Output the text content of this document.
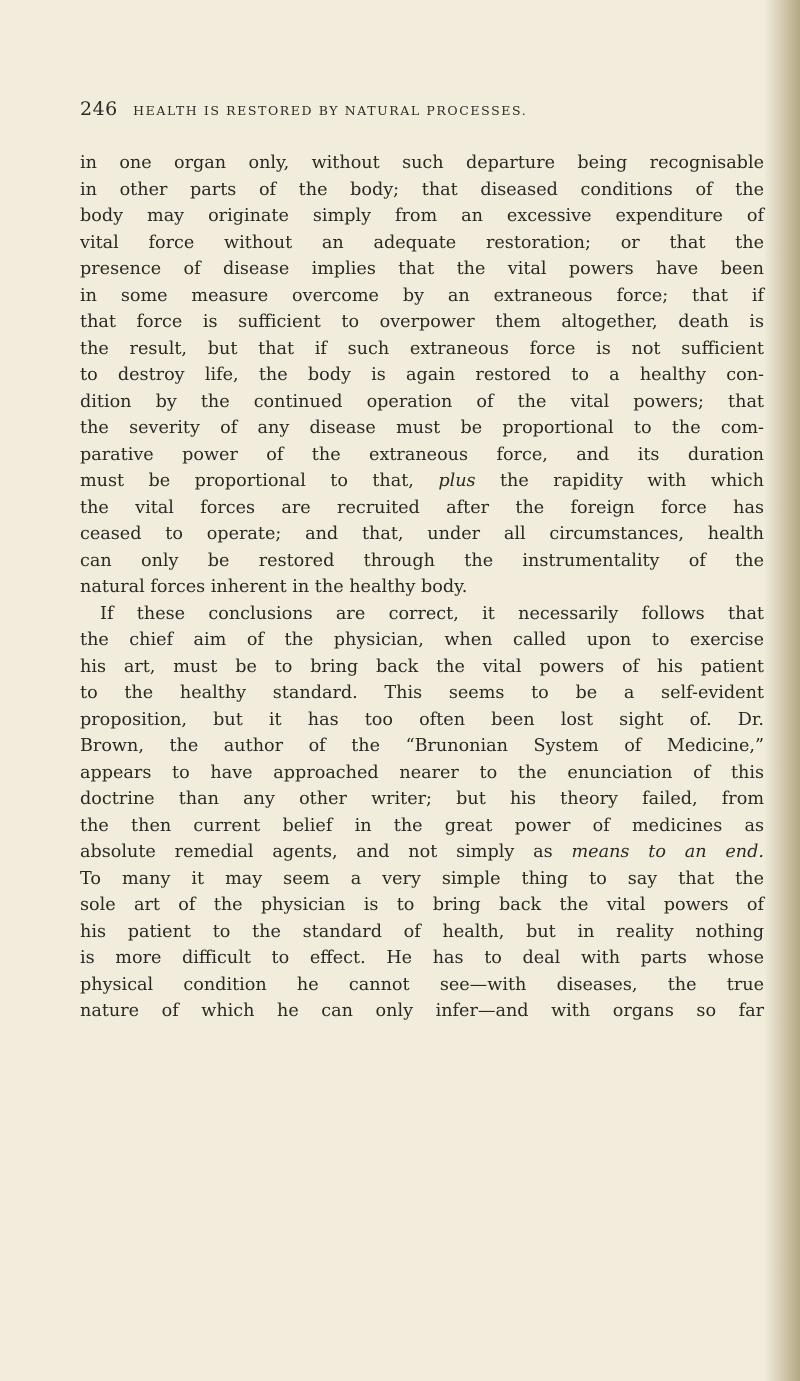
246 HEALTH IS RESTORED BY NATURAL PROCESSES.
in one organ only, without such departure being recognisable
in other parts of the body; that diseased conditions of the
body may originate simply from an excessive expenditure of
vital force without an adequate restoration; or that the
presence of disease implies that the vital powers have been
in some measure overcome by an extraneous force; that if
that force is sufficient to overpower them altogether, death is
the result, but that if such extraneous force is not sufficient
to destroy life, the body is again restored to a healthy con-
dition by the continued operation of the vital powers; that
the severity of any disease must be proportional to the com-
parative power of the extraneous force, and its duration
must be proportional to that, plus the rapidity with which
the vital forces are recruited after the foreign force has
ceased to operate; and that, under all circumstances, health
can only be restored through the instrumentality of the
natural forces inherent in the healthy body.
If these conclusions are correct, it necessarily follows that
the chief aim of the physician, when called upon to exercise
his art, must be to bring back the vital powers of his patient
to the healthy standard. This seems to be a self-evident
proposition, but it has too often been lost sight of. Dr.
Brown, the author of the “Brunonian System of Medicine,”
appears to have approached nearer to the enunciation of this
doctrine than any other writer; but his theory failed, from
the then current belief in the great power of medicines as
absolute remedial agents, and not simply as means to an end.
To many it may seem a very simple thing to say that the
sole art of the physician is to bring back the vital powers of
his patient to the standard of health, but in reality nothing
is more difficult to effect. He has to deal with parts whose
physical condition he cannot see—with diseases, the true
nature of which he can only infer—and with organs so far
